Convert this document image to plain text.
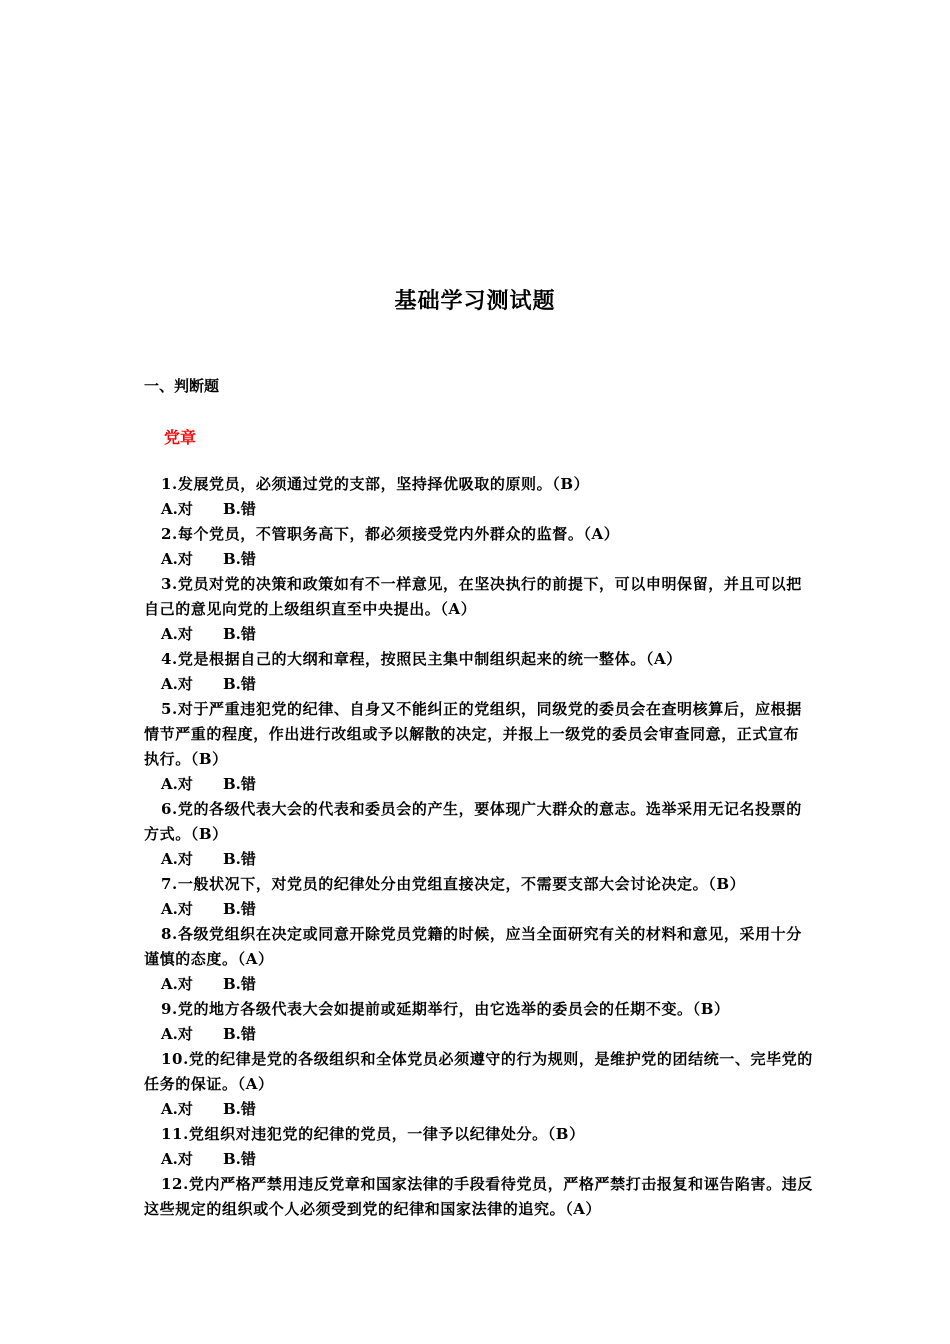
基础学习测试题
一、判断题
党章

1.发展党员，必须通过党的支部，坚持择优吸取的原则。（B）

A.对 B.错

2.每个党员，不管职务高下，都必须接受党内外群众的监督。（A）

A.对 B.错

3.党员对党的决策和政策如有不一样意见，在坚决执行的前提下，可以申明保留，并且可以把自己的意见向党的上级组织直至中央提出。（A）

A.对 B.错

4.党是根据自己的大纲和章程，按照民主集中制组织起来的统一整体。（A）

A.对 B.错

5.对于严重违犯党的纪律、自身又不能纠正的党组织，同级党的委员会在查明核算后，应根据情节严重的程度，作出进行改组或予以解散的决定，并报上一级党的委员会审查同意，正式宣布执行。（B）

A.对 B.错

6.党的各级代表大会的代表和委员会的产生，要体现广大群众的意志。选举采用无记名投票的方式。（B）

A.对 B.错

7.一般状况下，对党员的纪律处分由党组直接决定，不需要支部大会讨论决定。（B）

A.对 B.错

8.各级党组织在决定或同意开除党员党籍的时候，应当全面研究有关的材料和意见，采用十分谨慎的态度。（A）

A.对 B.错

9.党的地方各级代表大会如提前或延期举行，由它选举的委员会的任期不变。（B）

A.对 B.错

10.党的纪律是党的各级组织和全体党员必须遵守的行为规则，是维护党的团结统一、完毕党的任务的保证。（A）

A.对 B.错

11.党组织对违犯党的纪律的党员，一律予以纪律处分。（B）

A.对 B.错

12.党内严格严禁用违反党章和国家法律的手段看待党员，严格严禁打击报复和诬告陷害。违反这些规定的组织或个人必须受到党的纪律和国家法律的追究。（A）
